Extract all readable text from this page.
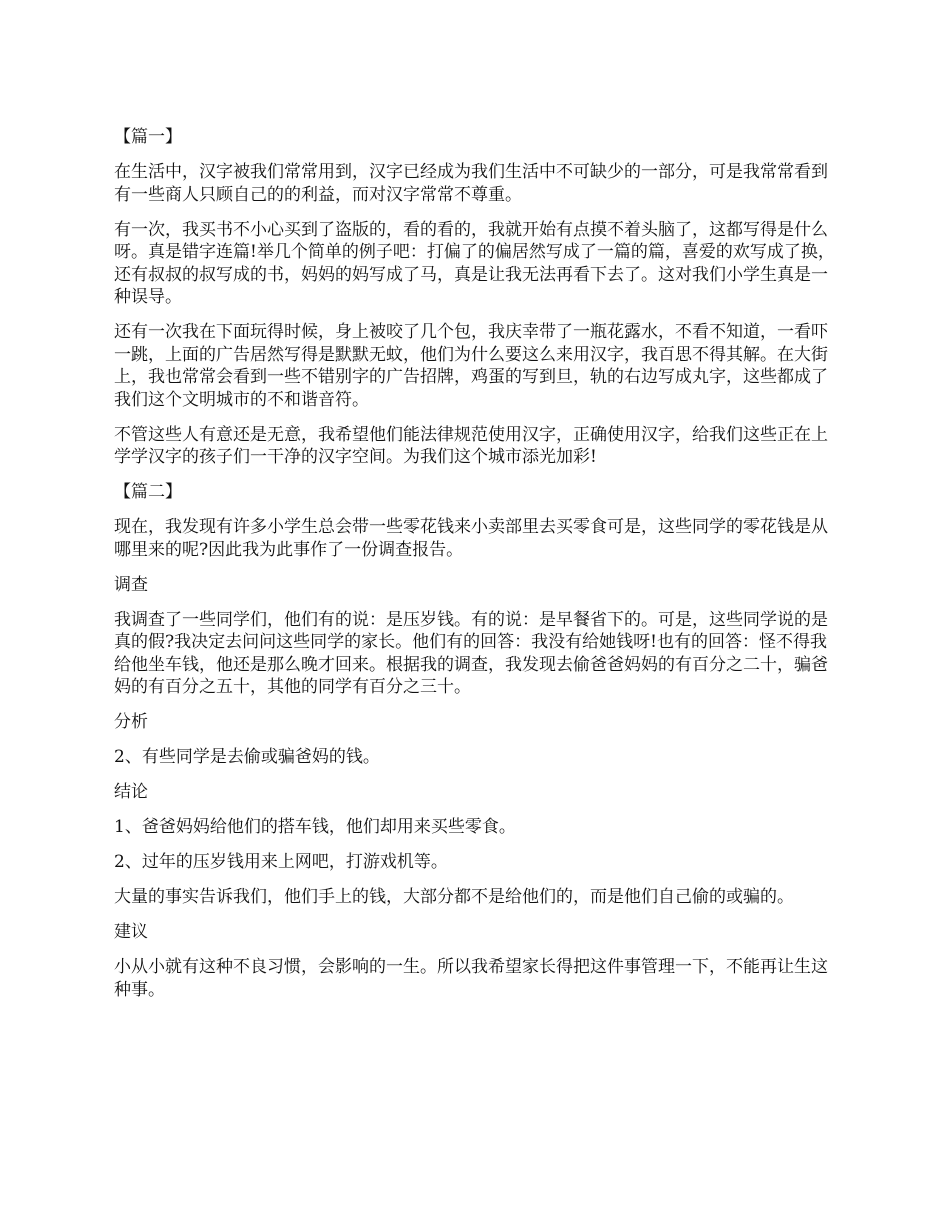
【篇一】

在生活中，汉字被我们常常用到，汉字已经成为我们生活中不可缺少的一部分，可是我常常看到有一些商人只顾自己的的利益，而对汉字常常不尊重。

有一次，我买书不小心买到了盗版的，看的看的，我就开始有点摸不着头脑了，这都写得是什么呀。真是错字连篇!举几个简单的例子吧：打偏了的偏居然写成了一篇的篇，喜爱的欢写成了换，还有叔叔的叔写成的书，妈妈的妈写成了马，真是让我无法再看下去了。这对我们小学生真是一种误导。

还有一次我在下面玩得时候，身上被咬了几个包，我庆幸带了一瓶花露水，不看不知道，一看吓一跳，上面的广告居然写得是默默无蚊，他们为什么要这么来用汉字，我百思不得其解。在大街上，我也常常会看到一些不错别字的广告招牌，鸡蛋的写到旦，轨的右边写成丸字，这些都成了我们这个文明城市的不和谐音符。

不管这些人有意还是无意，我希望他们能法律规范使用汉字，正确使用汉字，给我们这些正在上学学汉字的孩子们一干净的汉字空间。为我们这个城市添光加彩!

【篇二】

现在，我发现有许多小学生总会带一些零花钱来小卖部里去买零食可是，这些同学的零花钱是从哪里来的呢?因此我为此事作了一份调查报告。

调查

我调查了一些同学们，他们有的说：是压岁钱。有的说：是早餐省下的。可是，这些同学说的是真的假?我决定去问问这些同学的家长。他们有的回答：我没有给她钱呀!也有的回答：怪不得我给他坐车钱，他还是那么晚才回来。根据我的调查，我发现去偷爸爸妈妈的有百分之二十，骗爸妈的有百分之五十，其他的同学有百分之三十。

分析

2、有些同学是去偷或骗爸妈的钱。

结论

1、爸爸妈妈给他们的搭车钱，他们却用来买些零食。

2、过年的压岁钱用来上网吧，打游戏机等。

大量的事实告诉我们，他们手上的钱，大部分都不是给他们的，而是他们自己偷的或骗的。

建议

小从小就有这种不良习惯，会影响的一生。所以我希望家长得把这件事管理一下，不能再让生这种事。
